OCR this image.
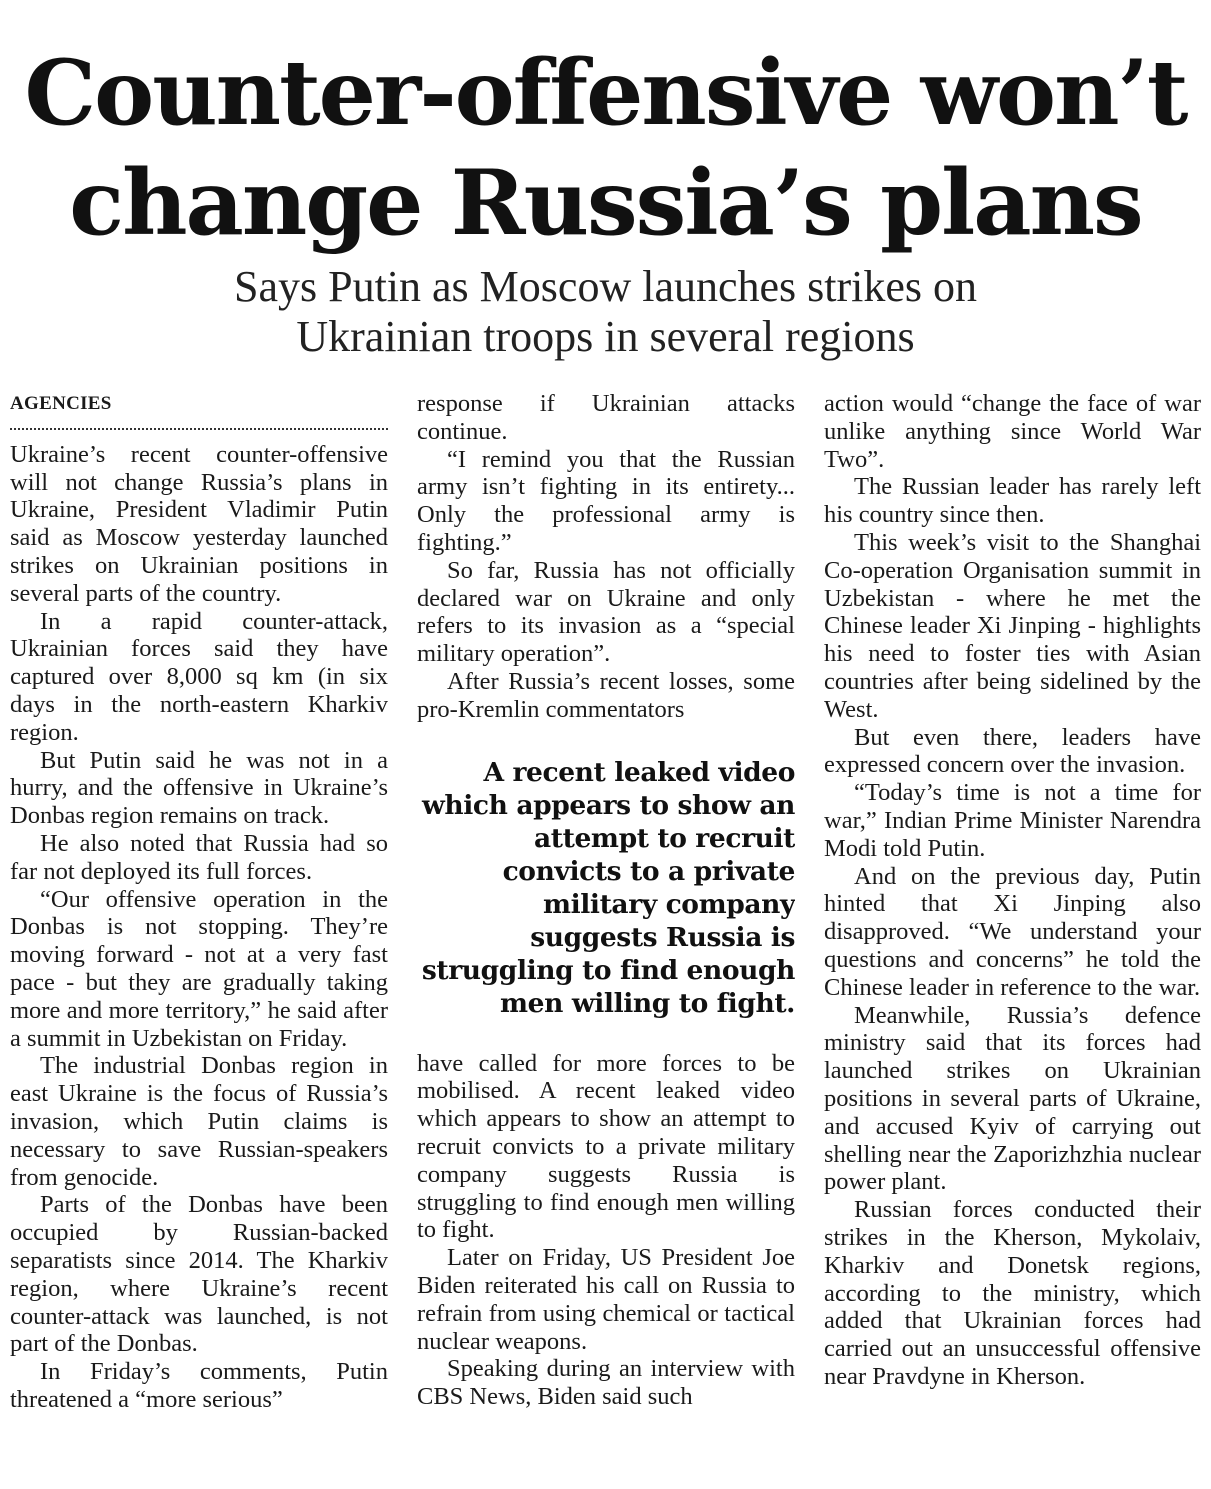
Counter-offensive won’t
change Russia’s plans
Says Putin as Moscow launches strikes on
Ukrainian troops in several regions
AGENCIES

Ukraine’s recent counter-offensive will not change Russia’s plans in Ukraine, President Vladimir Putin said as Moscow yesterday launched strikes on Ukrainian positions in several parts of the country.

In a rapid counter-attack, Ukrainian forces said they have captured over 8,000 sq km (in six days in the north-eastern Kharkiv region.

But Putin said he was not in a hurry, and the offensive in Ukraine’s Donbas region remains on track.

He also noted that Russia had so far not deployed its full forces.

“Our offensive operation in the Donbas is not stopping. They’re moving forward - not at a very fast pace - but they are gradually taking more and more territory,” he said after a summit in Uzbekistan on Friday.

The industrial Donbas region in east Ukraine is the focus of Russia’s invasion, which Putin claims is necessary to save Russian-speakers from genocide.

Parts of the Donbas have been occupied by Russian-backed separatists since 2014. The Kharkiv region, where Ukraine’s recent counter-attack was launched, is not part of the Donbas.

In Friday’s comments, Putin threatened a “more serious”

response if Ukrainian attacks continue.

“I remind you that the Russian army isn’t fighting in its entirety... Only the professional army is fighting.”

So far, Russia has not officially declared war on Ukraine and only refers to its invasion as a “special military operation”.

After Russia’s recent losses, some pro-Kremlin commentators

A recent leaked video which appears to show an attempt to recruit convicts to a private military company suggests Russia is struggling to find enough men willing to fight.

have called for more forces to be mobilised. A recent leaked video which appears to show an attempt to recruit convicts to a private military company suggests Russia is struggling to find enough men willing to fight.

Later on Friday, US President Joe Biden reiterated his call on Russia to refrain from using chemical or tactical nuclear weapons.

Speaking during an interview with CBS News, Biden said such

action would “change the face of war unlike anything since World War Two”.

The Russian leader has rarely left his country since then.

This week’s visit to the Shanghai Co-operation Organisation summit in Uzbekistan - where he met the Chinese leader Xi Jinping - highlights his need to foster ties with Asian countries after being sidelined by the West.

But even there, leaders have expressed concern over the invasion.

“Today’s time is not a time for war,” Indian Prime Minister Narendra Modi told Putin.

And on the previous day, Putin hinted that Xi Jinping also disapproved. “We understand your questions and concerns” he told the Chinese leader in reference to the war.

Meanwhile, Russia’s defence ministry said that its forces had launched strikes on Ukrainian positions in several parts of Ukraine, and accused Kyiv of carrying out shelling near the Zaporizhzhia nuclear power plant.

Russian forces conducted their strikes in the Kherson, Mykolaiv, Kharkiv and Donetsk regions, according to the ministry, which added that Ukrainian forces had carried out an unsuccessful offensive near Pravdyne in Kherson.
